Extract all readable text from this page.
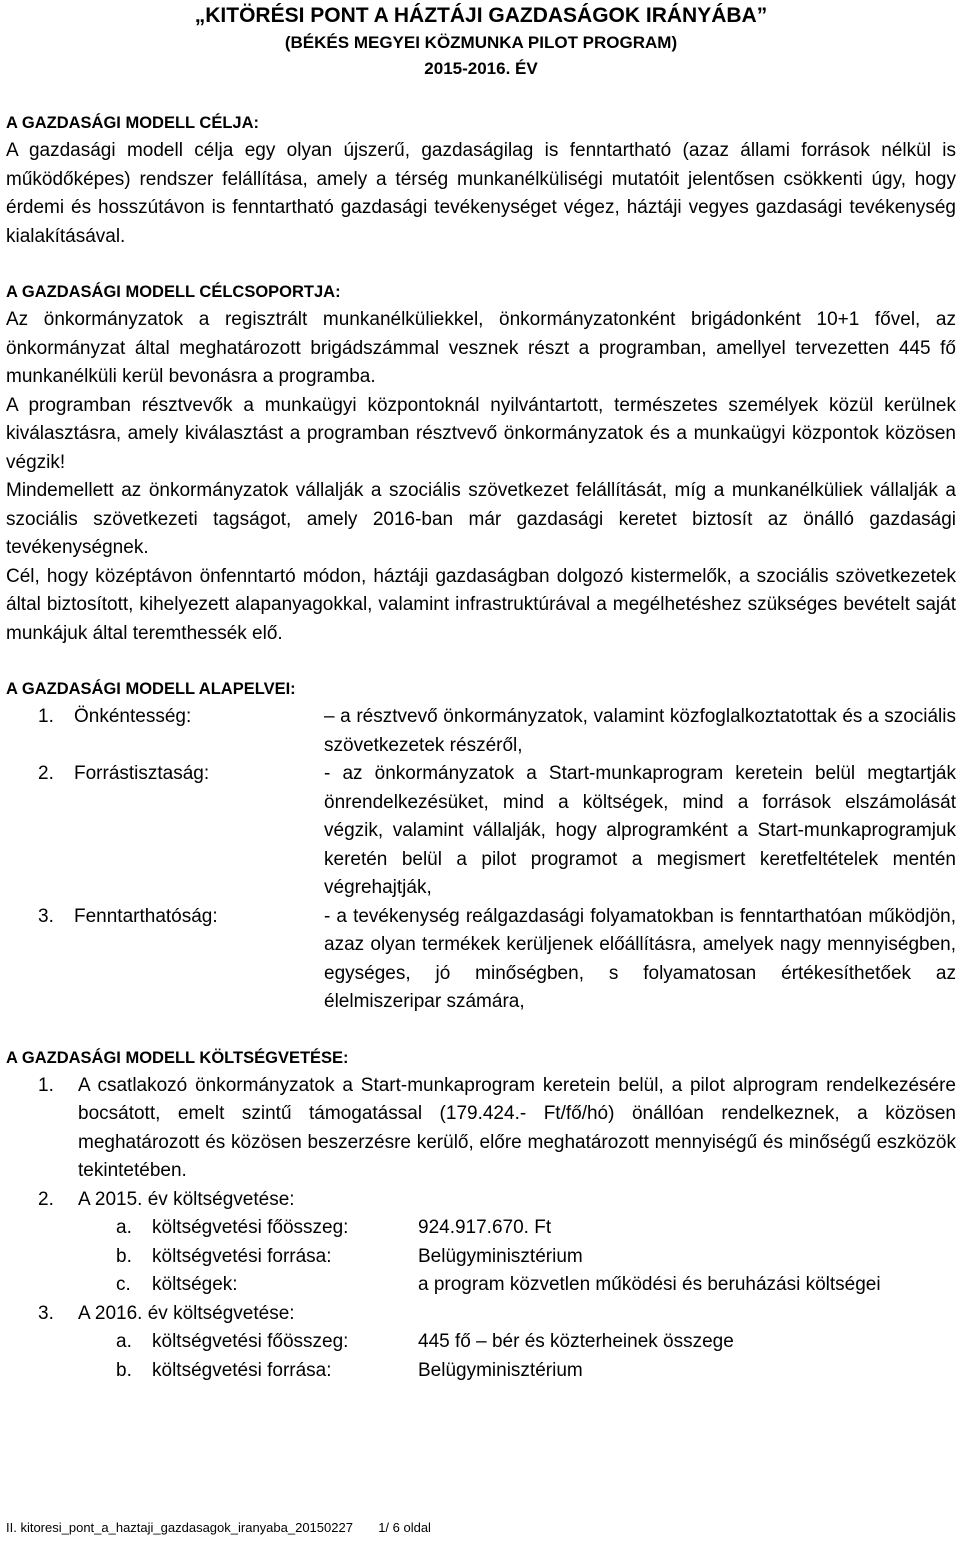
„KITÖRÉSI PONT A HÁZTÁJI GAZDASÁGOK IRÁNYÁBA”
(BÉKÉS MEGYEI KÖZMUNKA PILOT PROGRAM)
2015-2016. ÉV
A GAZDASÁGI MODELL CÉLJA:

A gazdasági modell célja egy olyan újszerű, gazdaságilag is fenntartható (azaz állami források nélkül is működőképes) rendszer felállítása, amely a térség munkanélküliségi mutatóit jelentősen csökkenti úgy, hogy érdemi és hosszútávon is fenntartható gazdasági tevékenységet végez, háztáji vegyes gazdasági tevékenység kialakításával.

A GAZDASÁGI MODELL CÉLCSOPORTJA:

Az önkormányzatok a regisztrált munkanélküliekkel, önkormányzatonként brigádonként 10+1 fővel, az önkormányzat által meghatározott brigádszámmal vesznek részt a programban, amellyel tervezetten 445 fő munkanélküli kerül bevonásra a programba.

A programban résztvevők a munkaügyi központoknál nyilvántartott, természetes személyek közül kerülnek kiválasztásra, amely kiválasztást a programban résztvevő önkormányzatok és a munkaügyi központok közösen végzik!

Mindemellett az önkormányzatok vállalják a szociális szövetkezet felállítását, míg a munkanélküliek vállalják a szociális szövetkezeti tagságot, amely 2016-ban már gazdasági keretet biztosít az önálló gazdasági tevékenységnek.

Cél, hogy középtávon önfenntartó módon, háztáji gazdaságban dolgozó kistermelők, a szociális szövetkezetek által biztosított, kihelyezett alapanyagokkal, valamint infrastruktúrával a megélhetéshez szükséges bevételt saját munkájuk által teremthessék elő.

A GAZDASÁGI MODELL ALAPELVEI:
1.	Önkéntesség:	– a résztvevő önkormányzatok, valamint közfoglalkoztatottak és a szociális szövetkezetek részéről,
2.	Forrástisztaság:	- az önkormányzatok a Start-munkaprogram keretein belül megtartják önrendelkezésüket, mind a költségek, mind a források elszámolását végzik, valamint vállalják, hogy alprogramként a Start-munkaprogramjuk keretén belül a pilot programot a megismert keretfeltételek mentén végrehajtják,
3.	Fenntarthatóság:	- a tevékenység reálgazdasági folyamatokban is fenntarthatóan működjön, azaz olyan termékek kerüljenek előállításra, amelyek nagy mennyiségben, egységes, jó minőségben, s folyamatosan értékesíthetőek az élelmiszeripar számára,
A GAZDASÁGI MODELL KÖLTSÉGVETÉSE:
1.	A csatlakozó önkormányzatok a Start-munkaprogram keretein belül, a pilot alprogram rendelkezésére bocsátott, emelt szintű támogatással (179.424.- Ft/fő/hó) önállóan rendelkeznek, a közösen meghatározott és közösen beszerzésre kerülő, előre meghatározott mennyiségű és minőségű eszközök tekintetében.
2.	A 2015. év költségvetése:
a.	költségvetési főösszeg:	924.917.670. Ft
b.	költségvetési forrása:	Belügyminisztérium
c.	költségek:	a program közvetlen működési és beruházási költségei
3.	A 2016. év költségvetése:
a.	költségvetési főösszeg:	445 fő – bér és közterheinek összege
b.	költségvetési forrása:	Belügyminisztérium
II. kitoresi_pont_a_haztaji_gazdasagok_iranyaba_20150227 1/ 6 oldal
